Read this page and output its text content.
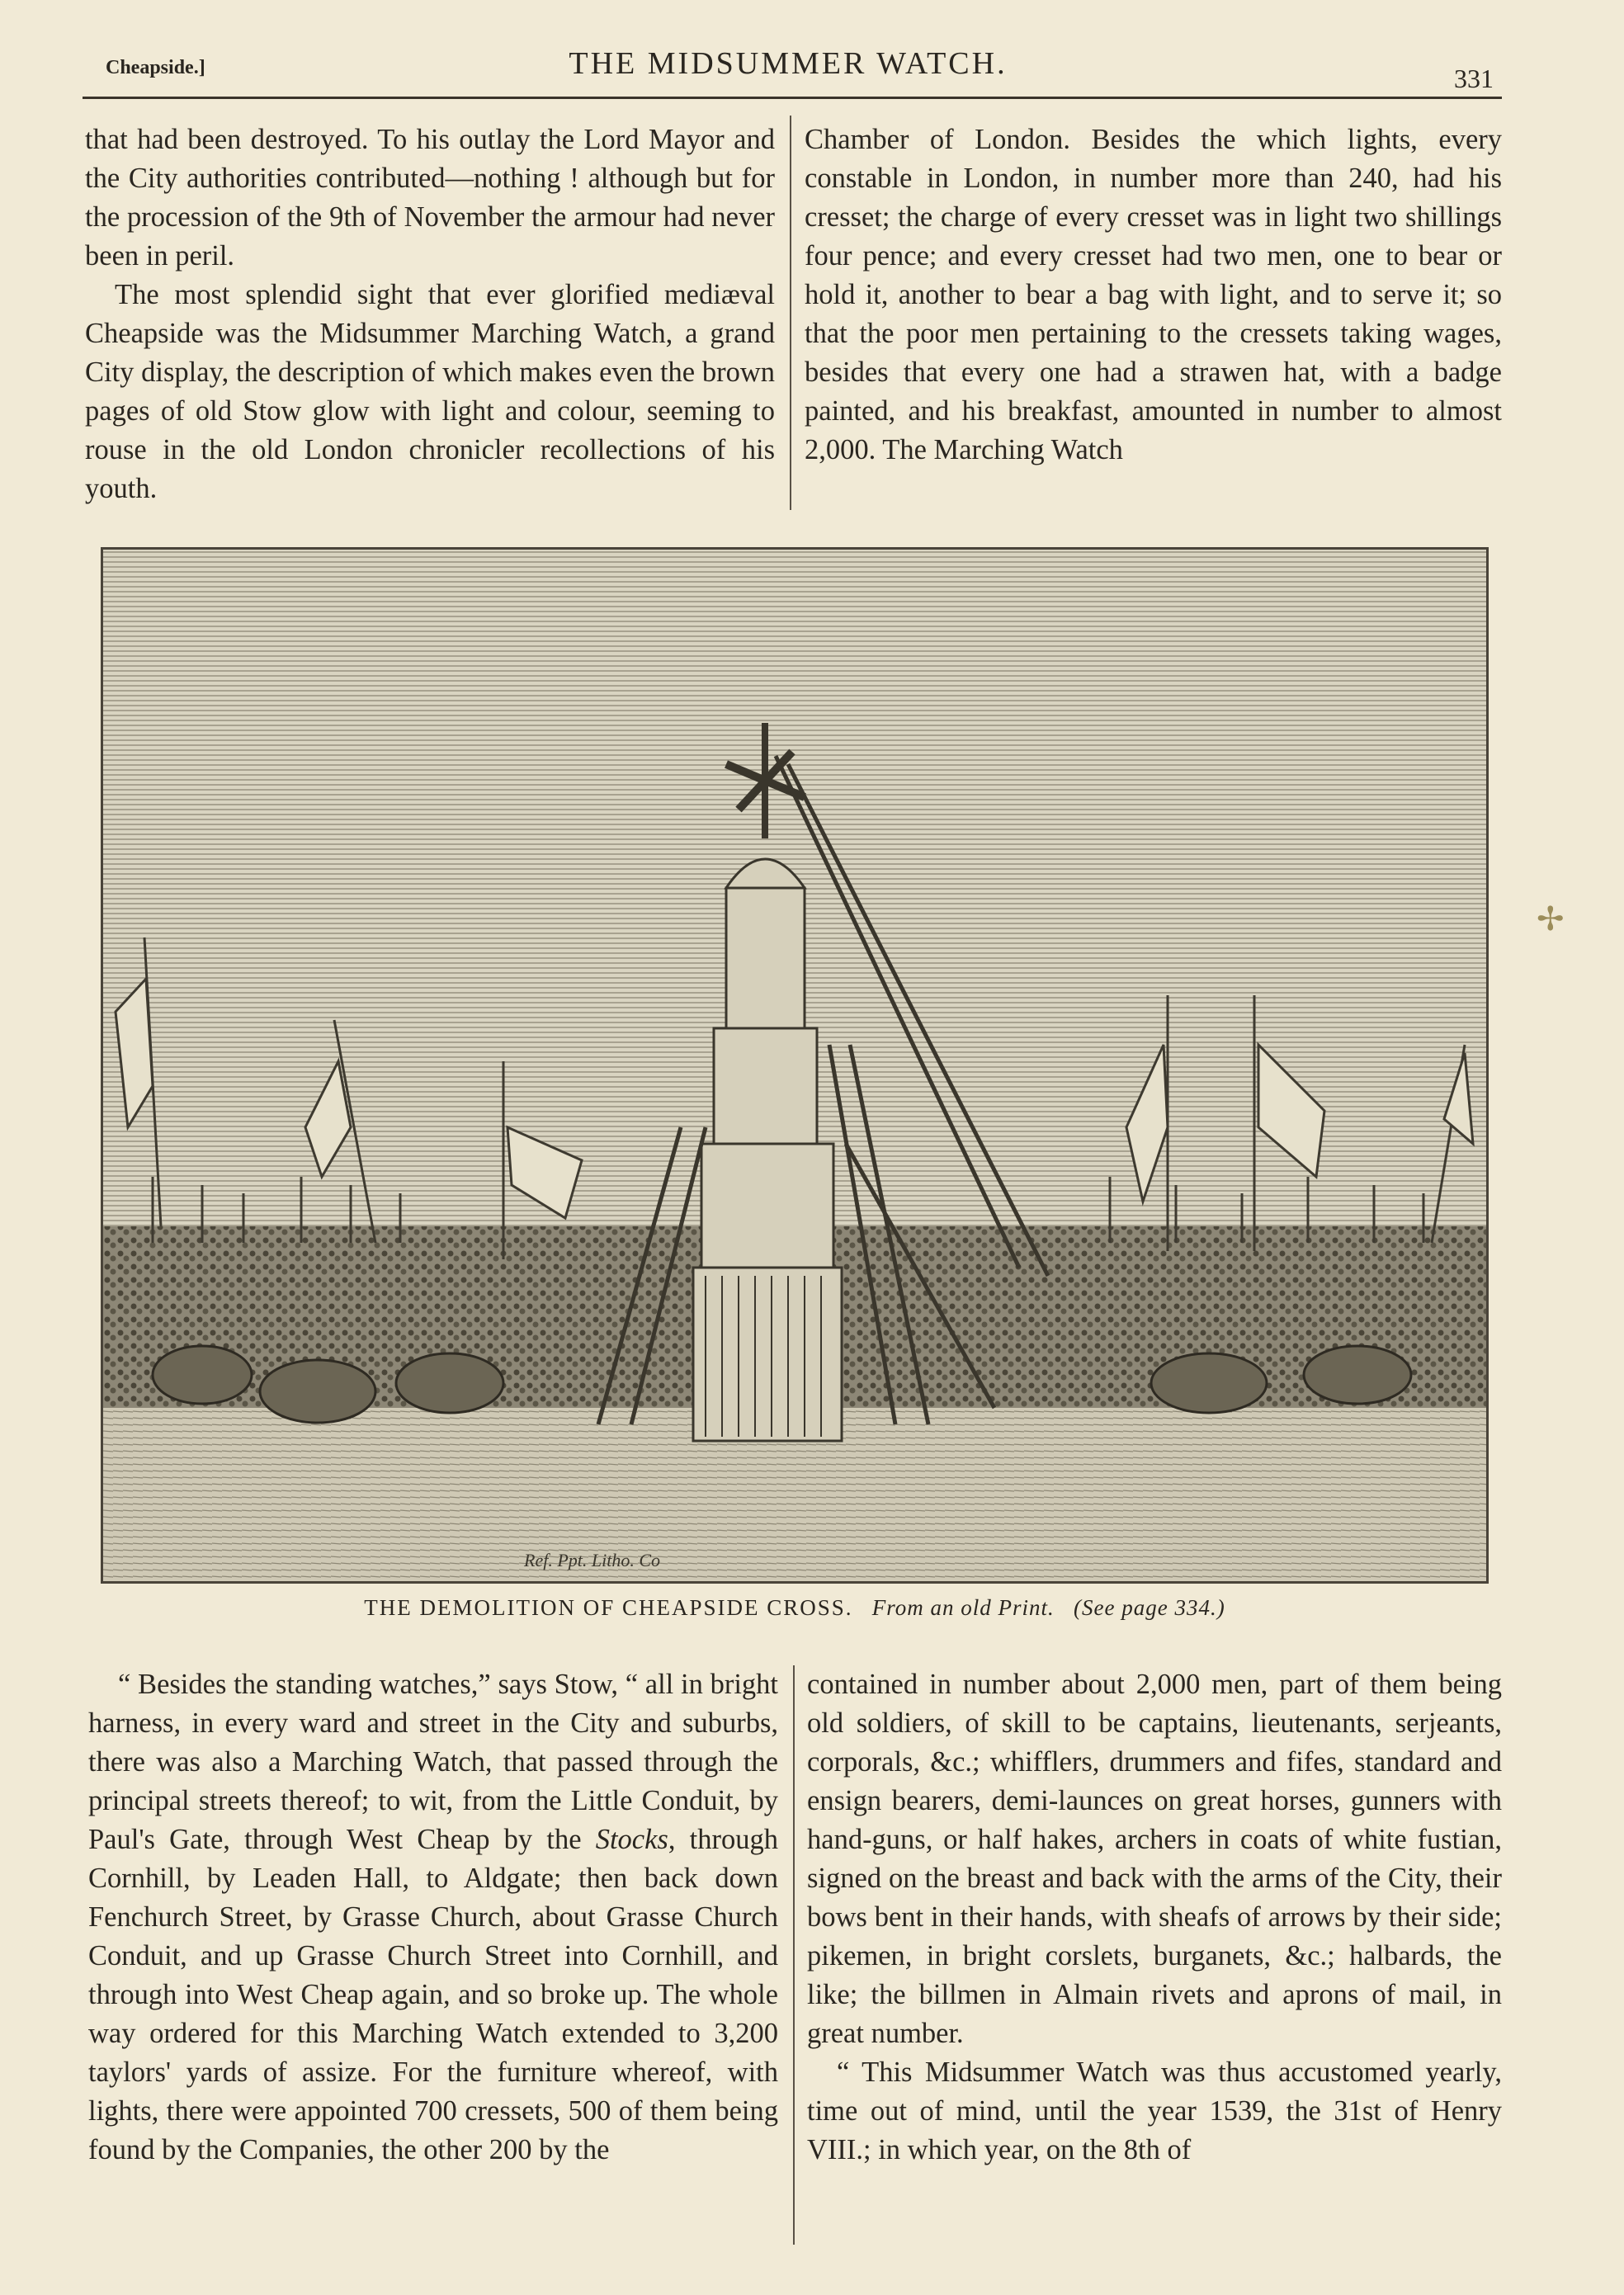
Cheapside.]	THE MIDSUMMER WATCH.	331

that had been destroyed. To his outlay the Lord Mayor and the City authorities contributed—nothing ! although but for the procession of the 9th of November the armour had never been in peril.

The most splendid sight that ever glorified mediæval Cheapside was the Midsummer Marching Watch, a grand City display, the description of which makes even the brown pages of old Stow glow with light and colour, seeming to rouse in the old London chronicler recollections of his youth.

Chamber of London. Besides the which lights, every constable in London, in number more than 240, had his cresset; the charge of every cresset was in light two shillings four pence; and every cresset had two men, one to bear or hold it, another to bear a bag with light, and to serve it; so that the poor men pertaining to the cressets taking wages, besides that every one had a strawen hat, with a badge painted, and his breakfast, amounted in number to almost 2,000. The Marching Watch

Ref. Ppt. Litho. Co
THE DEMOLITION OF CHEAPSIDE CROSS. From an old Print. (See page 334.)

“ Besides the standing watches,” says Stow, “ all in bright harness, in every ward and street in the City and suburbs, there was also a Marching Watch, that passed through the principal streets thereof; to wit, from the Little Conduit, by Paul's Gate, through West Cheap by the Stocks, through Cornhill, by Leaden Hall, to Aldgate; then back down Fenchurch Street, by Grasse Church, about Grasse Church Conduit, and up Grasse Church Street into Cornhill, and through into West Cheap again, and so broke up. The whole way ordered for this Marching Watch extended to 3,200 taylors' yards of assize. For the furniture whereof, with lights, there were appointed 700 cressets, 500 of them being found by the Companies, the other 200 by the

contained in number about 2,000 men, part of them being old soldiers, of skill to be captains, lieutenants, serjeants, corporals, &c.; whifflers, drummers and fifes, standard and ensign bearers, demi-launces on great horses, gunners with hand-guns, or half hakes, archers in coats of white fustian, signed on the breast and back with the arms of the City, their bows bent in their hands, with sheafs of arrows by their side; pikemen, in bright corslets, burganets, &c.; halbards, the like; the billmen in Almain rivets and aprons of mail, in great number.

“ This Midsummer Watch was thus accustomed yearly, time out of mind, until the year 1539, the 31st of Henry VIII.; in which year, on the 8th of

✢
